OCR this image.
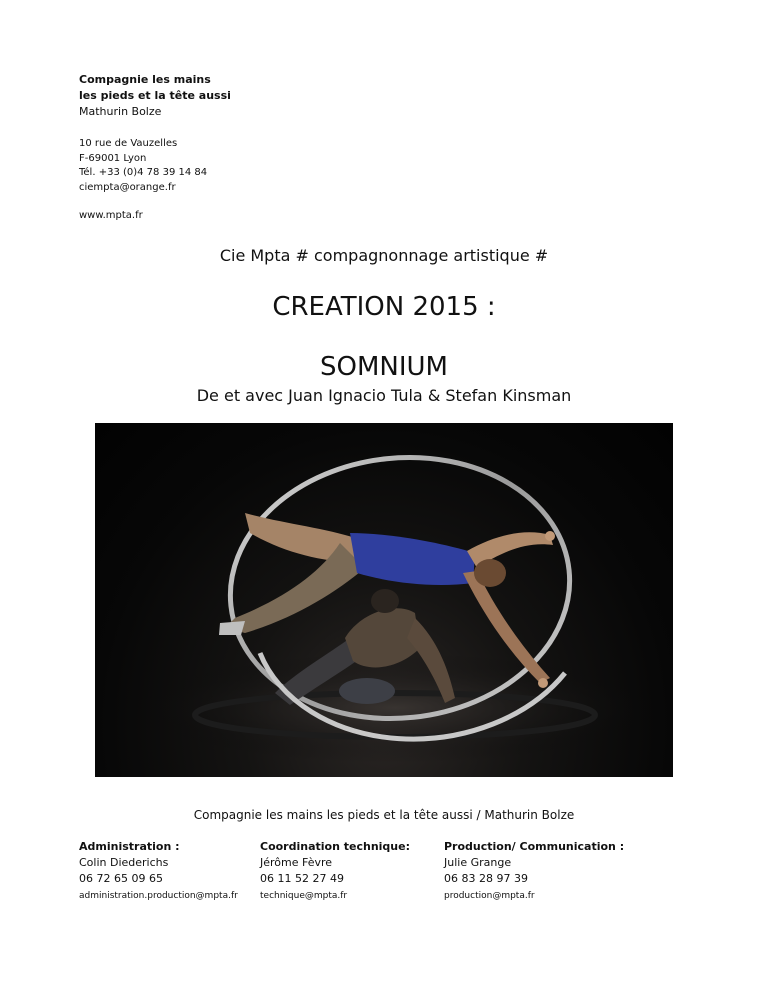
Compagnie les mains
les pieds et la tête aussi
Mathurin Bolze
10 rue de Vauzelles
F-69001 Lyon
Tél. +33 (0)4 78 39 14 84
ciempta@orange.fr
www.mpta.fr
Cie Mpta # compagnonnage artistique #
CREATION 2015 :
SOMNIUM
De et avec Juan Ignacio Tula & Stefan Kinsman
Compagnie les mains les pieds et la tête aussi / Mathurin Bolze
Administration :
Colin Diederichs
06 72 65 09 65
administration.production@mpta.fr
Coordination technique:
Jérôme Fèvre
06 11 52 27 49
technique@mpta.fr
Production/ Communication :
Julie Grange
06 83 28 97 39
production@mpta.fr
